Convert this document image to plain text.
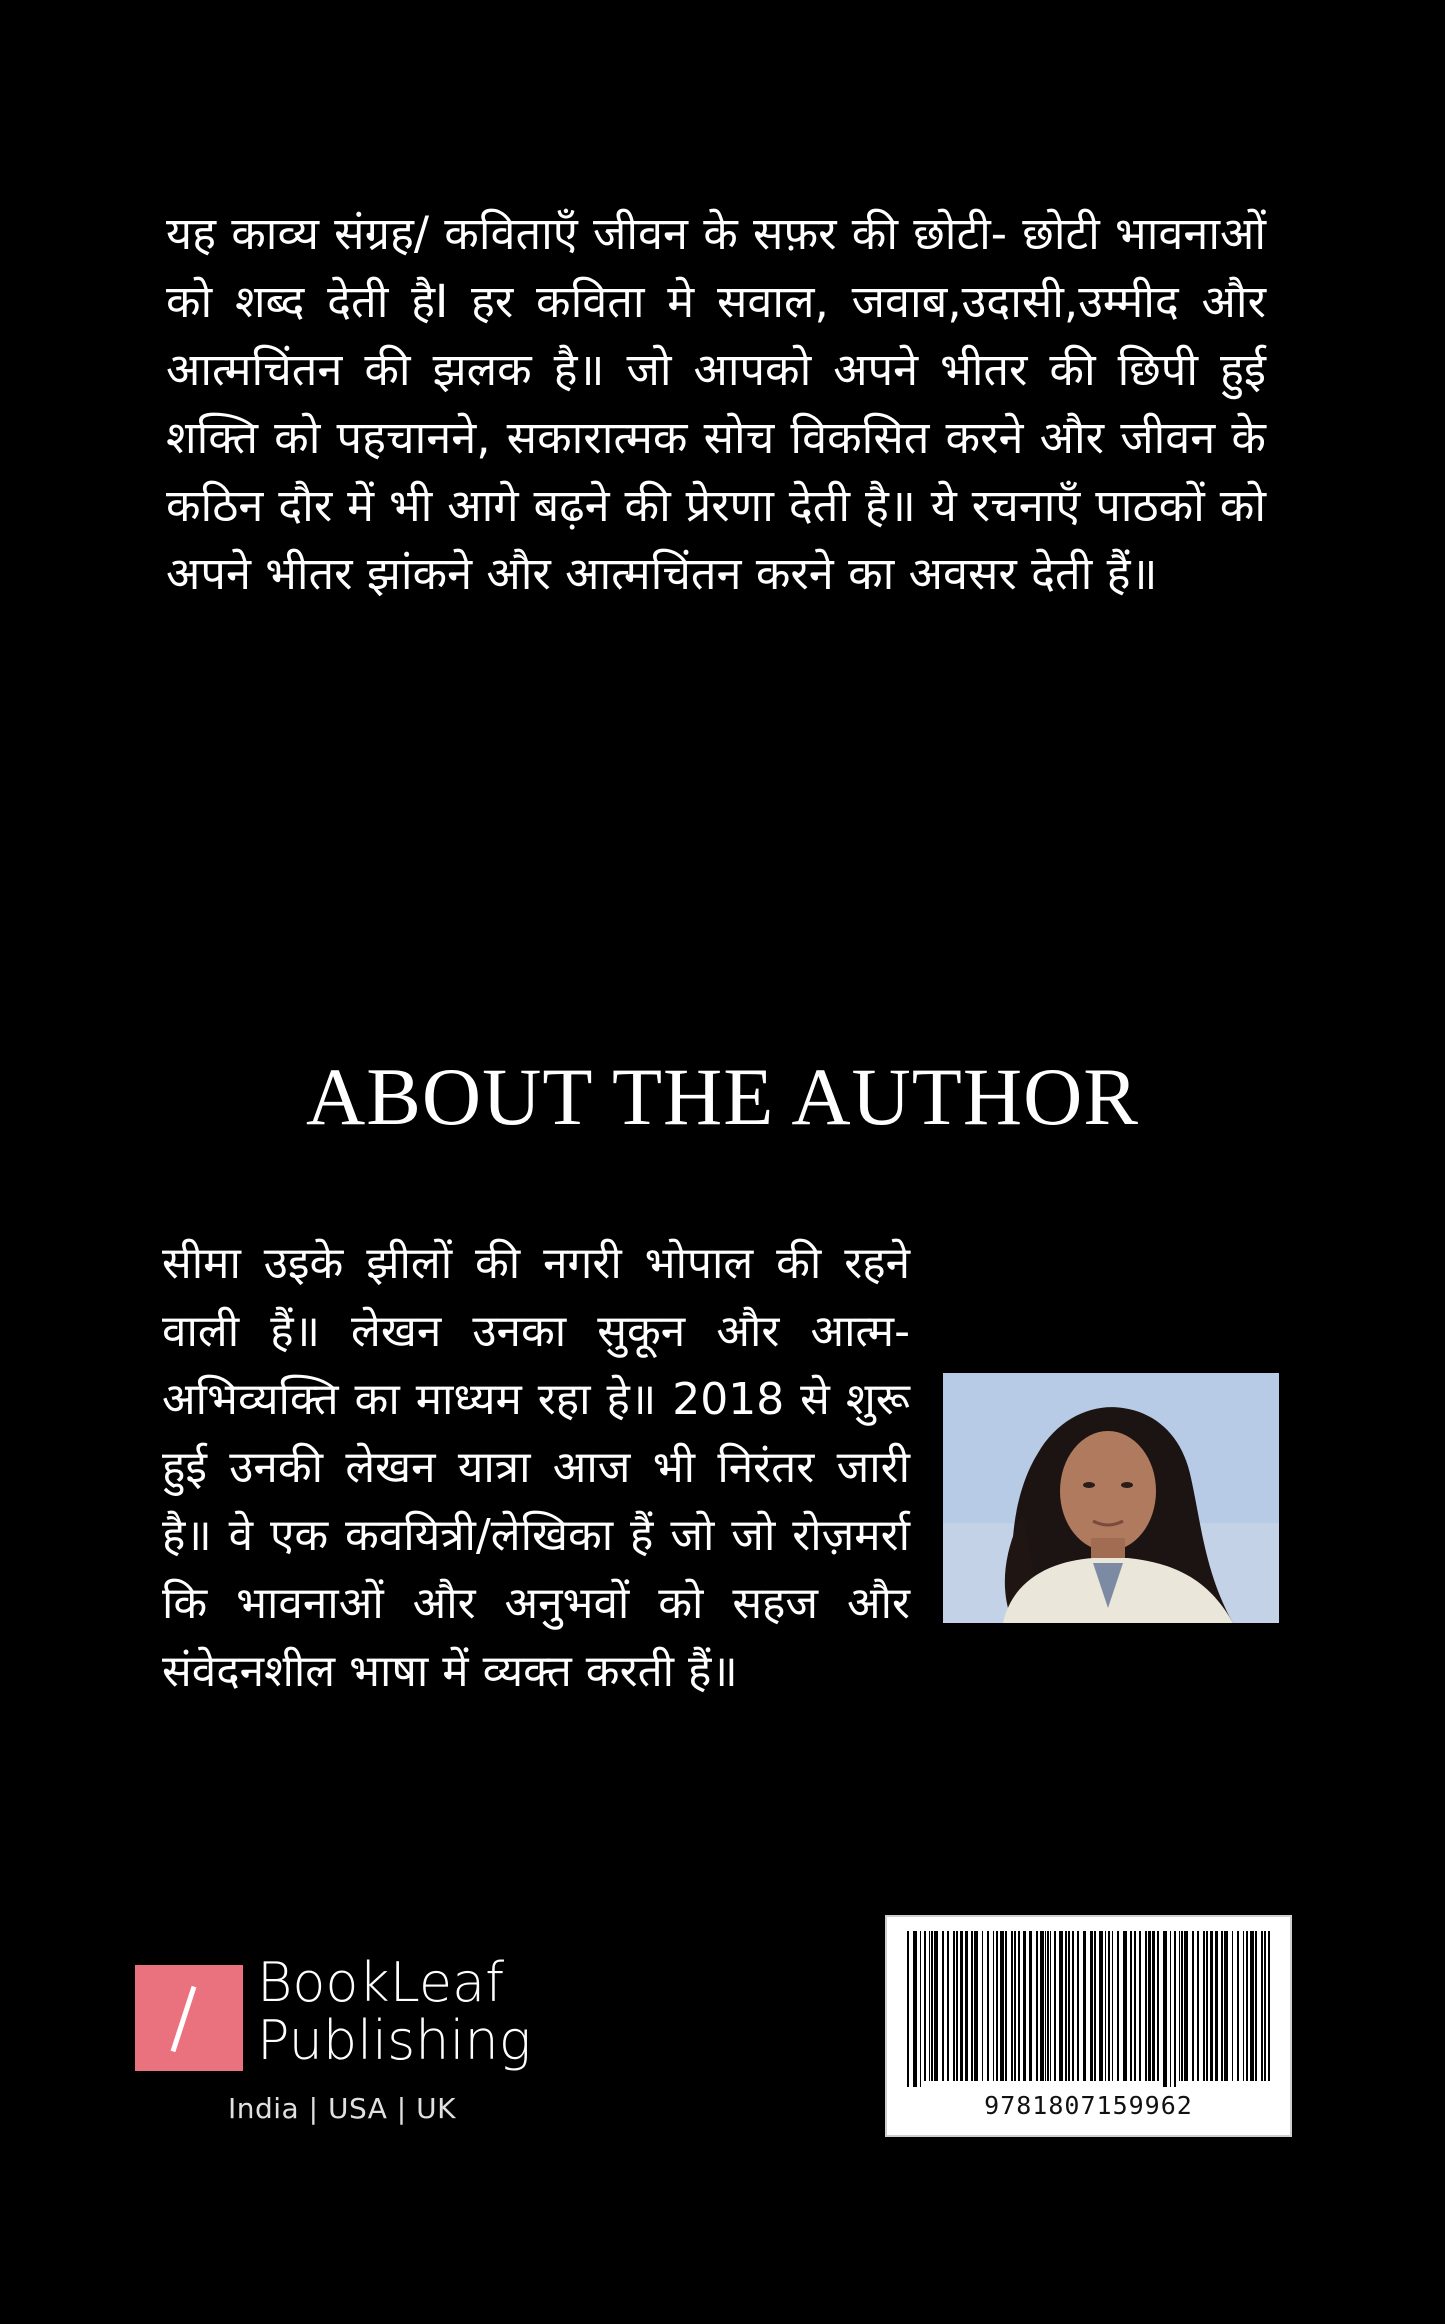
यह काव्य संग्रह/ कविताएँ जीवन के सफ़र की छोटी- छोटी भावनाओं को शब्द देती हैI हर कविता मे सवाल, जवाब,उदासी,उम्मीद और आत्मचिंतन की झलक है॥ जो आपको अपने भीतर की छिपी हुई शक्ति को पहचानने, सकारात्मक सोच विकसित करने और जीवन के कठिन दौर में भी आगे बढ़ने की प्रेरणा देती है॥ ये रचनाएँ पाठकों को अपने भीतर झांकने और आत्मचिंतन करने का अवसर देती हैं॥
ABOUT THE AUTHOR
सीमा उइके झीलों की नगरी भोपाल की रहने वाली हैं॥ लेखन उनका सुकून और आत्म- अभिव्यक्ति का माध्यम रहा हे॥ 2018 से शुरू हुई उनकी लेखन यात्रा आज भी निरंतर जारी है॥ वे एक कवयित्री/लेखिका हैं जो जो रोज़मर्रा कि भावनाओं और अनुभवों को सहज और संवेदनशील भाषा में व्यक्त करती हैं॥
BookLeaf
Publishing
India | USA | UK	9781807159962
